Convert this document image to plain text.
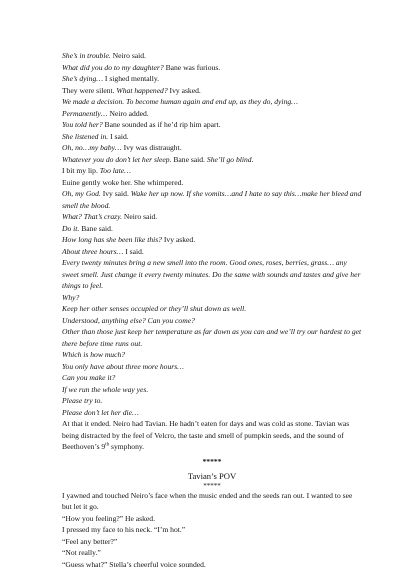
She’s in trouble. Neiro said.
What did you do to my daughter? Bane was furious.
She’s dying… I sighed mentally.
They were silent. What happened? Ivy asked.
We made a decision. To become human again and end up, as they do, dying…
Permanently… Neiro added.
You told her? Bane sounded as if he’d rip him apart.
She listened in. I said.
Oh, no…my baby… Ivy was distraught.
Whatever you do don’t let her sleep. Bane said. She’ll go blind.
I bit my lip. Too late…
Euine gently woke her. She whimpered.
Oh, my God. Ivy said. Wake her up now. If she vomits…and I hate to say this…make her bleed and smell the blood.
What? That’s crazy. Neiro said.
Do it. Bane said.
How long has she been like this? Ivy asked.
About three hours… I said.
Every twenty minutes bring a new smell into the room. Good ones, roses, berries, grass… any sweet smell. Just change it every twenty minutes. Do the same with sounds and tastes and give her things to feel.
Why?
Keep her other senses occupied or they’ll shut down as well.
Understood, anything else? Can you come?
Other than those just keep her temperature as far down as you can and we’ll try our hardest to get there before time runs out.
Which is how much?
You only have about three more hours…
Can you make it?
If we run the whole way yes.
Please try to.
Please don’t let her die…
At that it ended. Neiro had Tavian. He hadn’t eaten for days and was cold as stone. Tavian was being distracted by the feel of Velcro, the taste and smell of pumpkin seeds, and the sound of Beethoven’s 9th symphony.
*****
Tavian’s POV
*****
I yawned and touched Neiro’s face when the music ended and the seeds ran out. I wanted to see but let it go.
“How you feeling?” He asked.
I pressed my face to his neck. “I’m hot.”
“Feel any better?”
“Not really.”
“Guess what?” Stella’s cheerful voice sounded.
